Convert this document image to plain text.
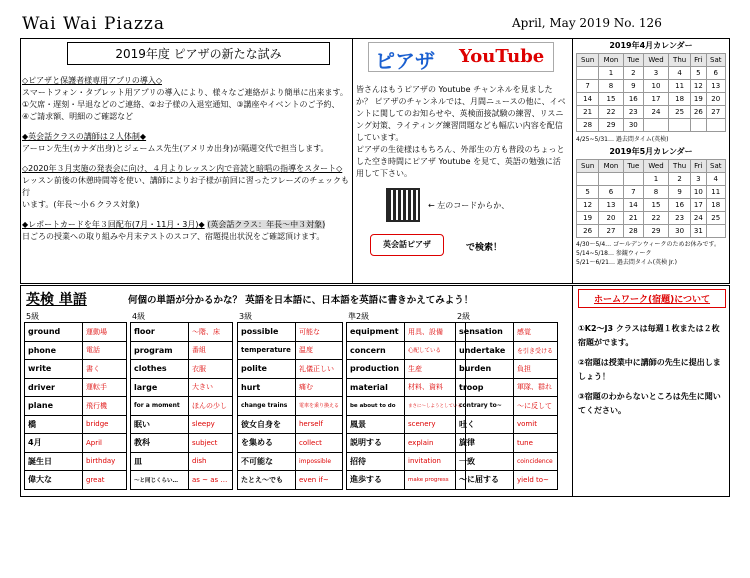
Wai Wai Piazza	April, May 2019 No. 126
2019年度 ピアザの新たな試み
◇ピアザと保護者様専用アプリの導入◇
スマートフォン・タブレット用アプリの導入により、様々なご連絡がより簡単に出来ます。
①欠席・遅刻・早退などのご連絡、②お子様の入退室通知、③講座やイベントのご予約、
④ご請求額、明細のご確認など
◆英会話クラスの講師は２人体制◆
アーロン先生(カナダ出身)とジェームス先生(アメリカ出身)が隔週交代で担当します。
◇2020年３月実施の発表会に向け、４月よりレッスン内で音読と暗唱の指導をスタート◇
レッスン前後の休憩時間等を使い、講師によりお子様が前回に習ったフレーズのチェックも行
います。(年長〜小６クラス対象)
◆レポートカードを年３回配布(7月・11月・3月)◆ (英会話クラス：年長〜中３対象)
日ごろの授業への取り組みや月末テストのスコア、宿題提出状況をご確認頂けます。
ピアザ YouTube
皆さんはもうピアザの Youtube チャンネルを見ましたか？ ピアザのチャンネルでは、月間ニュースの他に、イベントに関してのお知らせや、英検面接試験の練習、リスニング対策、ライティング練習問題なども幅広い内容を配信しています。
ピアザの生徒様はもちろん、外部生の方も普段のちょっとした空き時間にピアザ Youtube を見て、英語の勉強に活用して下さい。
← 左のコードからか、
英会話ピアザ	で検索！
2019年4月カレンダー
Sun	Mon	Tue	Wed	Thu	Fri	Sat
	1	2	3	4	5	6
7	8	9	10	11	12	13
14	15	16	17	18	19	20
21	22	23	24	25	26	27
28	29	30				
4/25~5/31… 過去問タイム(英検)
2019年5月カレンダー
Sun	Mon	Tue	Wed	Thu	Fri	Sat
			1	2	3	4
5	6	7	8	9	10	11
12	13	14	15	16	17	18
19	20	21	22	23	24	25
26	27	28	29	30	31	
4/30〜5/4… ゴールデンウィークのためお休みです。
5/14~5/18… 参観ウィーク
5/21〜6/21… 過去問タイム(英検 Jr.)
英検 単語	何個の単語が分かるかな？ 英語を日本語に、日本語を英語に書きかえてみよう！
5級
ground	運動場
phone	電話
write	書く
driver	運転手
plane	飛行機
橋	bridge
4月	April
誕生日	birthday
偉大な	great
4級
floor	〜階、床
program	番組
clothes	衣服
large	大きい
for a moment	ほんの少し
眠い	sleepy
教科	subject
皿	dish
〜と同じくらい…	as ~ as …
3級
possible	可能な
temperature	温度
polite	礼儀正しい
hurt	痛む
change trains	電車を乗り換える
彼女自身を	herself
を集める	collect
不可能な	impossible
たとえ〜でも	even if~
準2級
equipment	用具、設備
concern	心配している
production	生産
material	材料、資料
be about to do	まさに〜しようとしている
風景	scenery
説明する	explain
招待	invitation
進歩する	make progress
2級
sensation	感覚
undertake	を引き受ける
burden	負担
troop	軍隊、群れ
contrary to~	〜に反して
吐く	vomit
旋律	tune
一致	coincidence
〜に屈する	yield to~
ホームワーク(宿題)について

①K2〜J3 クラスは毎週１枚または２枚宿題がでます。

②宿題は授業中に講師の先生に提出しましょう！

③宿題のわからないところは先生に聞いてください。
